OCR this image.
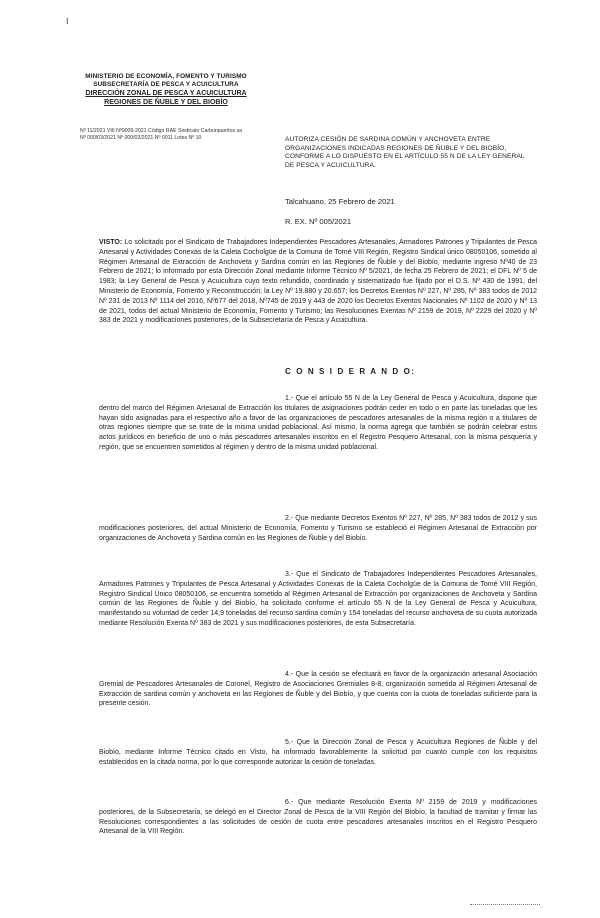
I
MINISTERIO DE ECONOMÍA, FOMENTO Y TURISMO
SUBSECRETARÍA DE PESCA Y ACUICULTURA
DIRECCIÓN ZONAL DE PESCA Y ACUICULTURA
REGIONES DE ÑUBLE Y DEL BIOBÍO
Nº 11/2021 VIII Nº0009-2021 Código RAE Sindicato Carbunpuertos sa
Nº 000/03/2021 Nº 000/03/2021 Nº 0011 Lotes Nº 10	AUTORIZA CESIÓN DE SARDINA COMÚN Y ANCHOVETA ENTRE ORGANIZACIONES INDICADAS REGIONES DE ÑUBLE Y DEL BIOBÍO, CONFORME A LO DISPUESTO EN EL ARTÍCULO 55 N DE LA LEY GENERAL DE PESCA Y ACUICULTURA.
Talcahuano, 25 Febrero de 2021
R. EX. Nº 005/2021
VISTO: Lo solicitado por el Sindicato de Trabajadores Independientes Pescadores Artesanales, Armadores Patrones y Tripulantes de Pesca Artesanal y Actividades Conexas de la Caleta Cocholgüe de la Comuna de Tomé VIII Región, Registro Sindical único 08050106, sometido al Régimen Artesanal de Extracción de Anchoveta y Sardina común en las Regiones de Ñuble y del Biobío, mediante ingreso Nº40 de 23 Febrero de 2021; lo informado por esta Dirección Zonal mediante Informe Técnico Nº 5/2021, de fecha 25 Febrero de 2021; el DFL Nº 5 de 1983; la Ley General de Pesca y Acuicultura cuyo texto refundido, coordinado y sistematizado fue fijado por el D.S. Nº 430 de 1991, del Ministerio de Economía, Fomento y Reconstrucción; la Ley Nº 19.880 y 20.657; los Decretos Exentos Nº 227, Nº 285, Nº 383 todos de 2012 Nº 231 de 2013 Nº 1114 del 2016, Nº677 del 2018, Nº745 de 2019 y 443 de 2020 los Decretos Exentos Nacionales Nº 1102 de 2020 y Nº 13 de 2021, todos del actual Ministerio de Economía, Fomento y Turismo; las Resoluciones Exentas Nº 2159 de 2019, Nº 2229 del 2020 y Nº 383 de 2021 y modificaciones posteriores, de la Subsecretaría de Pesca y Acuicultura.
C O N S I D E R A N D O:
1.- Que el artículo 55 N de la Ley General de Pesca y Acuicultura, dispone que dentro del marco del Régimen Artesanal de Extracción los titulares de asignaciones podrán ceder en todo o en parte las toneladas que les hayan sido asignadas para el respectivo año a favor de las organizaciones de pescadores artesanales de la misma región o a titulares de otras regiones siempre que se trate de la misma unidad poblacional. Así mismo, la norma agrega que también se podrán celebrar estos actos jurídicos en beneficio de uno o más pescadores artesanales inscritos en el Registro Pesquero Artesanal, con la misma pesquería y región, que se encuentren sometidos al régimen y dentro de la misma unidad poblacional.
2.- Que mediante Decretos Exentos Nº 227, Nº 285, Nº 383 todos de 2012 y sus modificaciones posteriores, del actual Ministerio de Economía, Fomento y Turismo se estableció el Régimen Artesanal de Extracción por organizaciones de Anchoveta y Sardina común en las Regiones de Ñuble y del Biobío.
3.- Que el Sindicato de Trabajadores Independientes Pescadores Artesanales, Armadores Patrones y Tripulantes de Pesca Artesanal y Actividades Conexas de la Caleta Cocholgüe de la Comuna de Tomé VIII Región, Registro Sindical Único 08050106, se encuentra sometido al Régimen Artesanal de Extracción por organizaciones de Anchoveta y Sardina común de las Regiones de Ñuble y del Biobío, ha solicitado conforme el artículo 55 N de la Ley General de Pesca y Acuicultura, manifestando su voluntad de ceder 14,9 toneladas del recurso sardina común y 154 toneladas del recurso anchoveta de su cuota autorizada mediante Resolución Exenta Nº 383 de 2021 y sus modificaciones posteriores, de esta Subsecretaría.
4.- Que la cesión se efectuará en favor de la organización artesanal Asociación Gremial de Pescadores Artesanales de Coronel, Registro de Asociaciones Gremiales 8-8, organización sometida al Régimen Artesanal de Extracción de sardina común y anchoveta en las Regiones de Ñuble y del Biobío, y que cuenta con la cuota de toneladas suficiente para la presente cesión.
5.- Que la Dirección Zonal de Pesca y Acuicultura Regiones de Ñuble y del Biobío, mediante Informe Técnico citado en Visto, ha informado favorablemente la solicitud por cuanto cumple con los requisitos establecidos en la citada norma, por lo que corresponde autorizar la cesión de toneladas.
6.- Que mediante Resolución Exenta Nº 2159 de 2019 y modificaciones posteriores, de la Subsecretaría, se delegó en el Director Zonal de Pesca de la VIII Región del Biobío, la facultad de tramitar y firmar las Resoluciones correspondientes a las solicitudes de cesión de cuota entre pescadores artesanales inscritos en el Registro Pesquero Artesanal de la VIII Región.
